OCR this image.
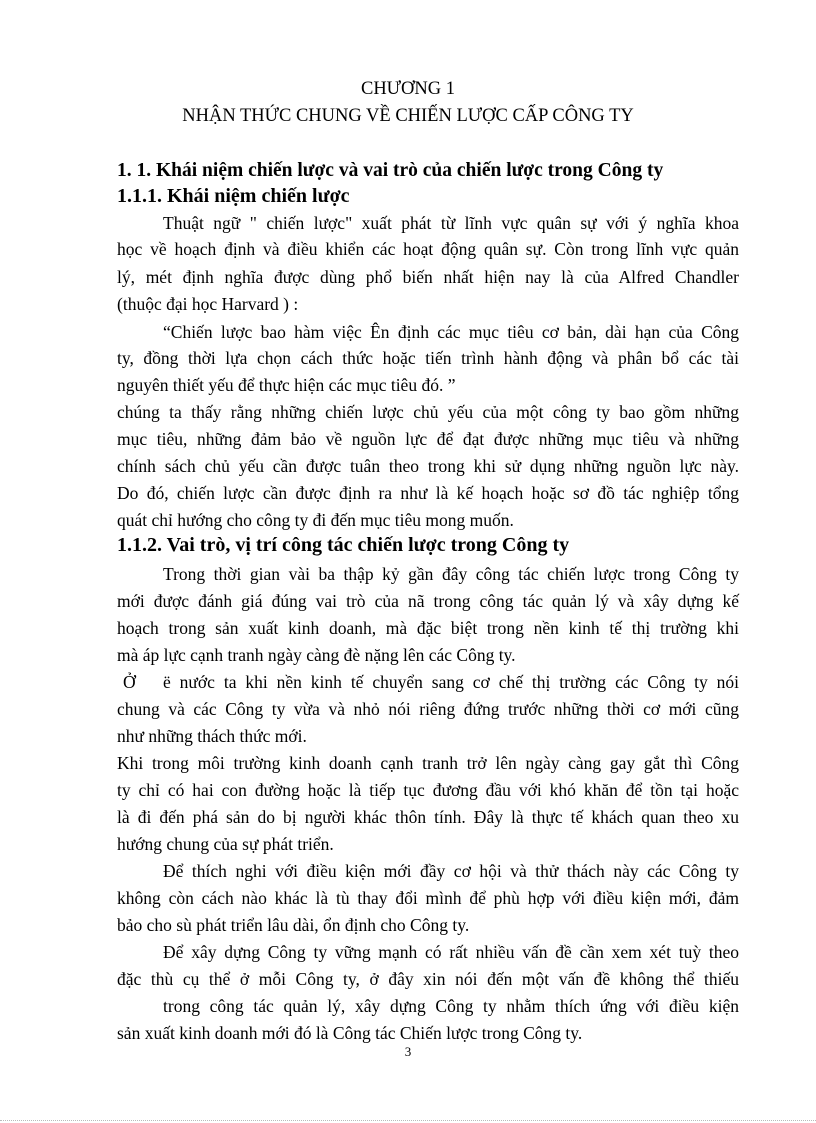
CHƯƠNG 1
NHẬN THỨC CHUNG VỀ CHIẾN LƯỢC CẤP CÔNG TY
1. 1. Khái niệm chiến lược và vai trò của chiến lược trong Công ty
1.1.1. Khái niệm chiến lược
Thuật ngữ " chiến lược" xuất phát từ lĩnh vực quân sự với ý nghĩa khoa
học về hoạch định và điều khiển các hoạt động quân sự. Còn trong lĩnh vực quản
lý, mét định nghĩa được dùng phổ biến nhất hiện nay là của Alfred Chandler
(thuộc đại học Harvard ) :
“Chiến lược bao hàm việc Ên định các mục tiêu cơ bản, dài hạn của Công
ty, đồng thời lựa chọn cách thức hoặc tiến trình hành động và phân bổ các tài
nguyên thiết yếu để thực hiện các mục tiêu đó. ”
chúng ta thấy rằng những chiến lược chủ yếu của một công ty bao gồm những
mục tiêu, những đảm bảo về nguồn lực để đạt được những mục tiêu và những
chính sách chủ yếu cần được tuân theo trong khi sử dụng những nguồn lực này.
Do đó, chiến lược cần được định ra như là kế hoạch hoặc sơ đồ tác nghiệp tổng
quát chỉ hướng cho công ty đi đến mục tiêu mong muốn.
1.1.2. Vai trò, vị trí công tác chiến lược trong Công ty
Trong thời gian vài ba thập kỷ gần đây công tác chiến lược trong Công ty
mới được đánh giá đúng vai trò của nã trong công tác quản lý và xây dựng kế
hoạch trong sản xuất kinh doanh, mà đặc biệt trong nền kinh tế thị trường khi
mà áp lực cạnh tranh ngày càng đè nặng lên các Công ty.
Ở	ë nước ta khi nền kinh tế chuyển sang cơ chế thị trường các Công ty nói
chung và các Công ty vừa và nhỏ nói riêng đứng trước những thời cơ mới cũng
như những thách thức mới.
Khi trong môi trường kinh doanh cạnh tranh trở lên ngày càng gay gắt thì Công
ty chỉ có hai con đường hoặc là tiếp tục đương đầu với khó khăn để tồn tại hoặc
là đi đến phá sản do bị người khác thôn tính. Đây là thực tế khách quan theo xu
hướng chung của sự phát triển.
Để thích nghi với điều kiện mới đầy cơ hội và thử thách này các Công ty
không còn cách nào khác là tù thay đổi mình để phù hợp với điều kiện mới, đảm
bảo cho sù phát triển lâu dài, ổn định cho Công ty.
Để xây dựng Công ty vững mạnh có rất nhiều vấn đề cần xem xét tuỳ theo
đặc thù cụ thể ở mỗi Công ty, ở đây xin nói đến một vấn đề không thể thiếu
trong công tác quản lý, xây dựng Công ty nhằm thích ứng với điều kiện
sản xuất kinh doanh mới đó là Công tác Chiến lược trong Công ty.
3
